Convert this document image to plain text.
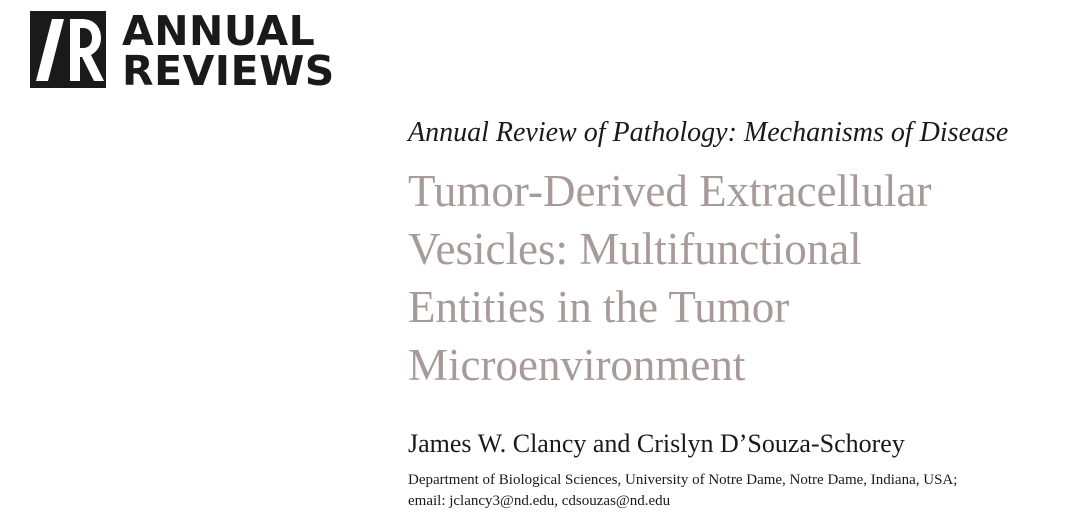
ANNUAL
REVIEWS
Annual Review of Pathology: Mechanisms of Disease
Tumor-Derived Extracellular
Vesicles: Multifunctional
Entities in the Tumor
Microenvironment
James W. Clancy and Crislyn D’Souza-Schorey
Department of Biological Sciences, University of Notre Dame, Notre Dame, Indiana, USA;
email: jclancy3@nd.edu, cdsouzas@nd.edu
